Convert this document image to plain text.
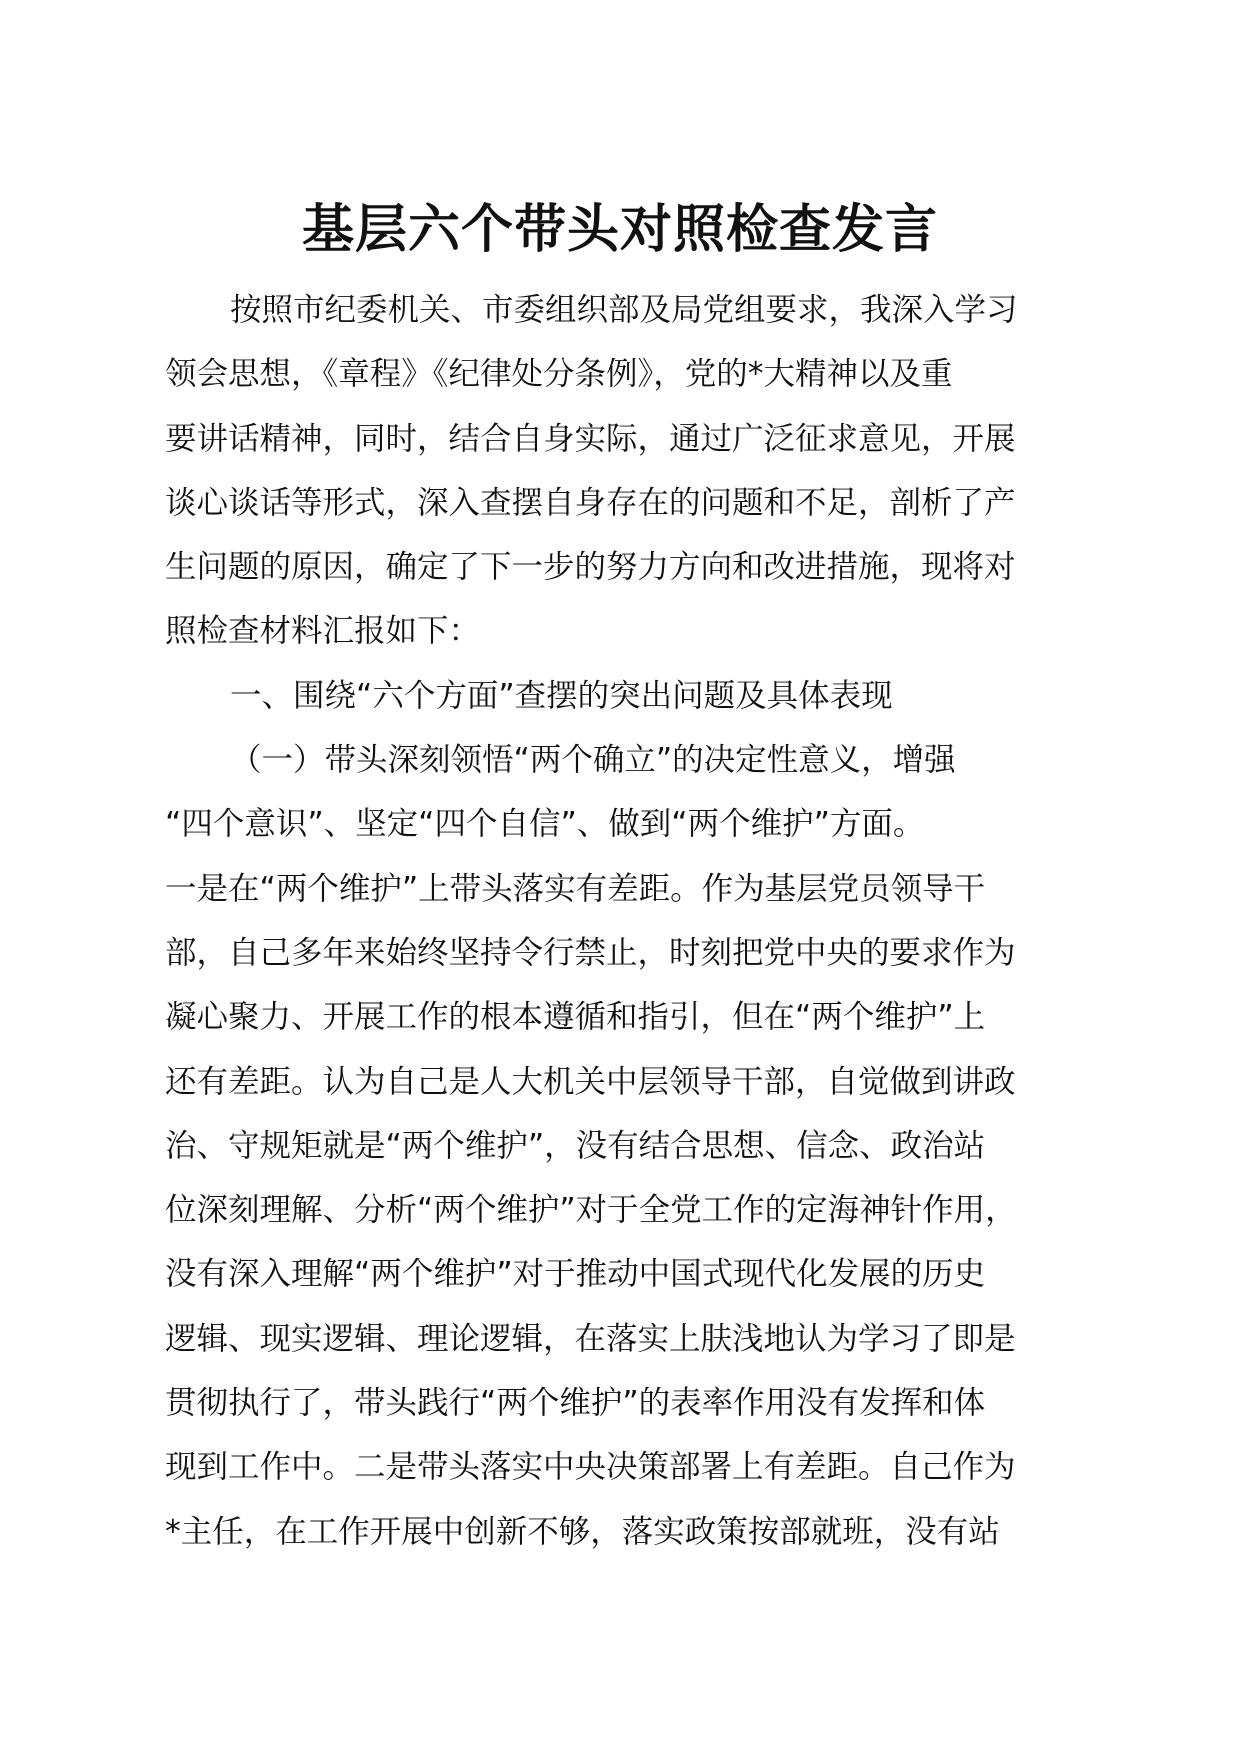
基层六个带头对照检查发言
按照市纪委机关、市委组织部及局党组要求，我深入学习
领会思想，《章程》《纪律处分条例》，党的*大精神以及重
要讲话精神，同时，结合自身实际，通过广泛征求意见，开展
谈心谈话等形式，深入查摆自身存在的问题和不足，剖析了产
生问题的原因，确定了下一步的努力方向和改进措施，现将对
照检查材料汇报如下：
一、围绕“六个方面”查摆的突出问题及具体表现
（一）带头深刻领悟“两个确立”的决定性意义，增强
“四个意识”、坚定“四个自信”、做到“两个维护”方面。
一是在“两个维护”上带头落实有差距。作为基层党员领导干
部，自己多年来始终坚持令行禁止，时刻把党中央的要求作为
凝心聚力、开展工作的根本遵循和指引，但在“两个维护”上
还有差距。认为自己是人大机关中层领导干部，自觉做到讲政
治、守规矩就是“两个维护”，没有结合思想、信念、政治站
位深刻理解、分析“两个维护”对于全党工作的定海神针作用，
没有深入理解“两个维护”对于推动中国式现代化发展的历史
逻辑、现实逻辑、理论逻辑，在落实上肤浅地认为学习了即是
贯彻执行了，带头践行“两个维护”的表率作用没有发挥和体
现到工作中。二是带头落实中央决策部署上有差距。自己作为
*主任，在工作开展中创新不够，落实政策按部就班，没有站
